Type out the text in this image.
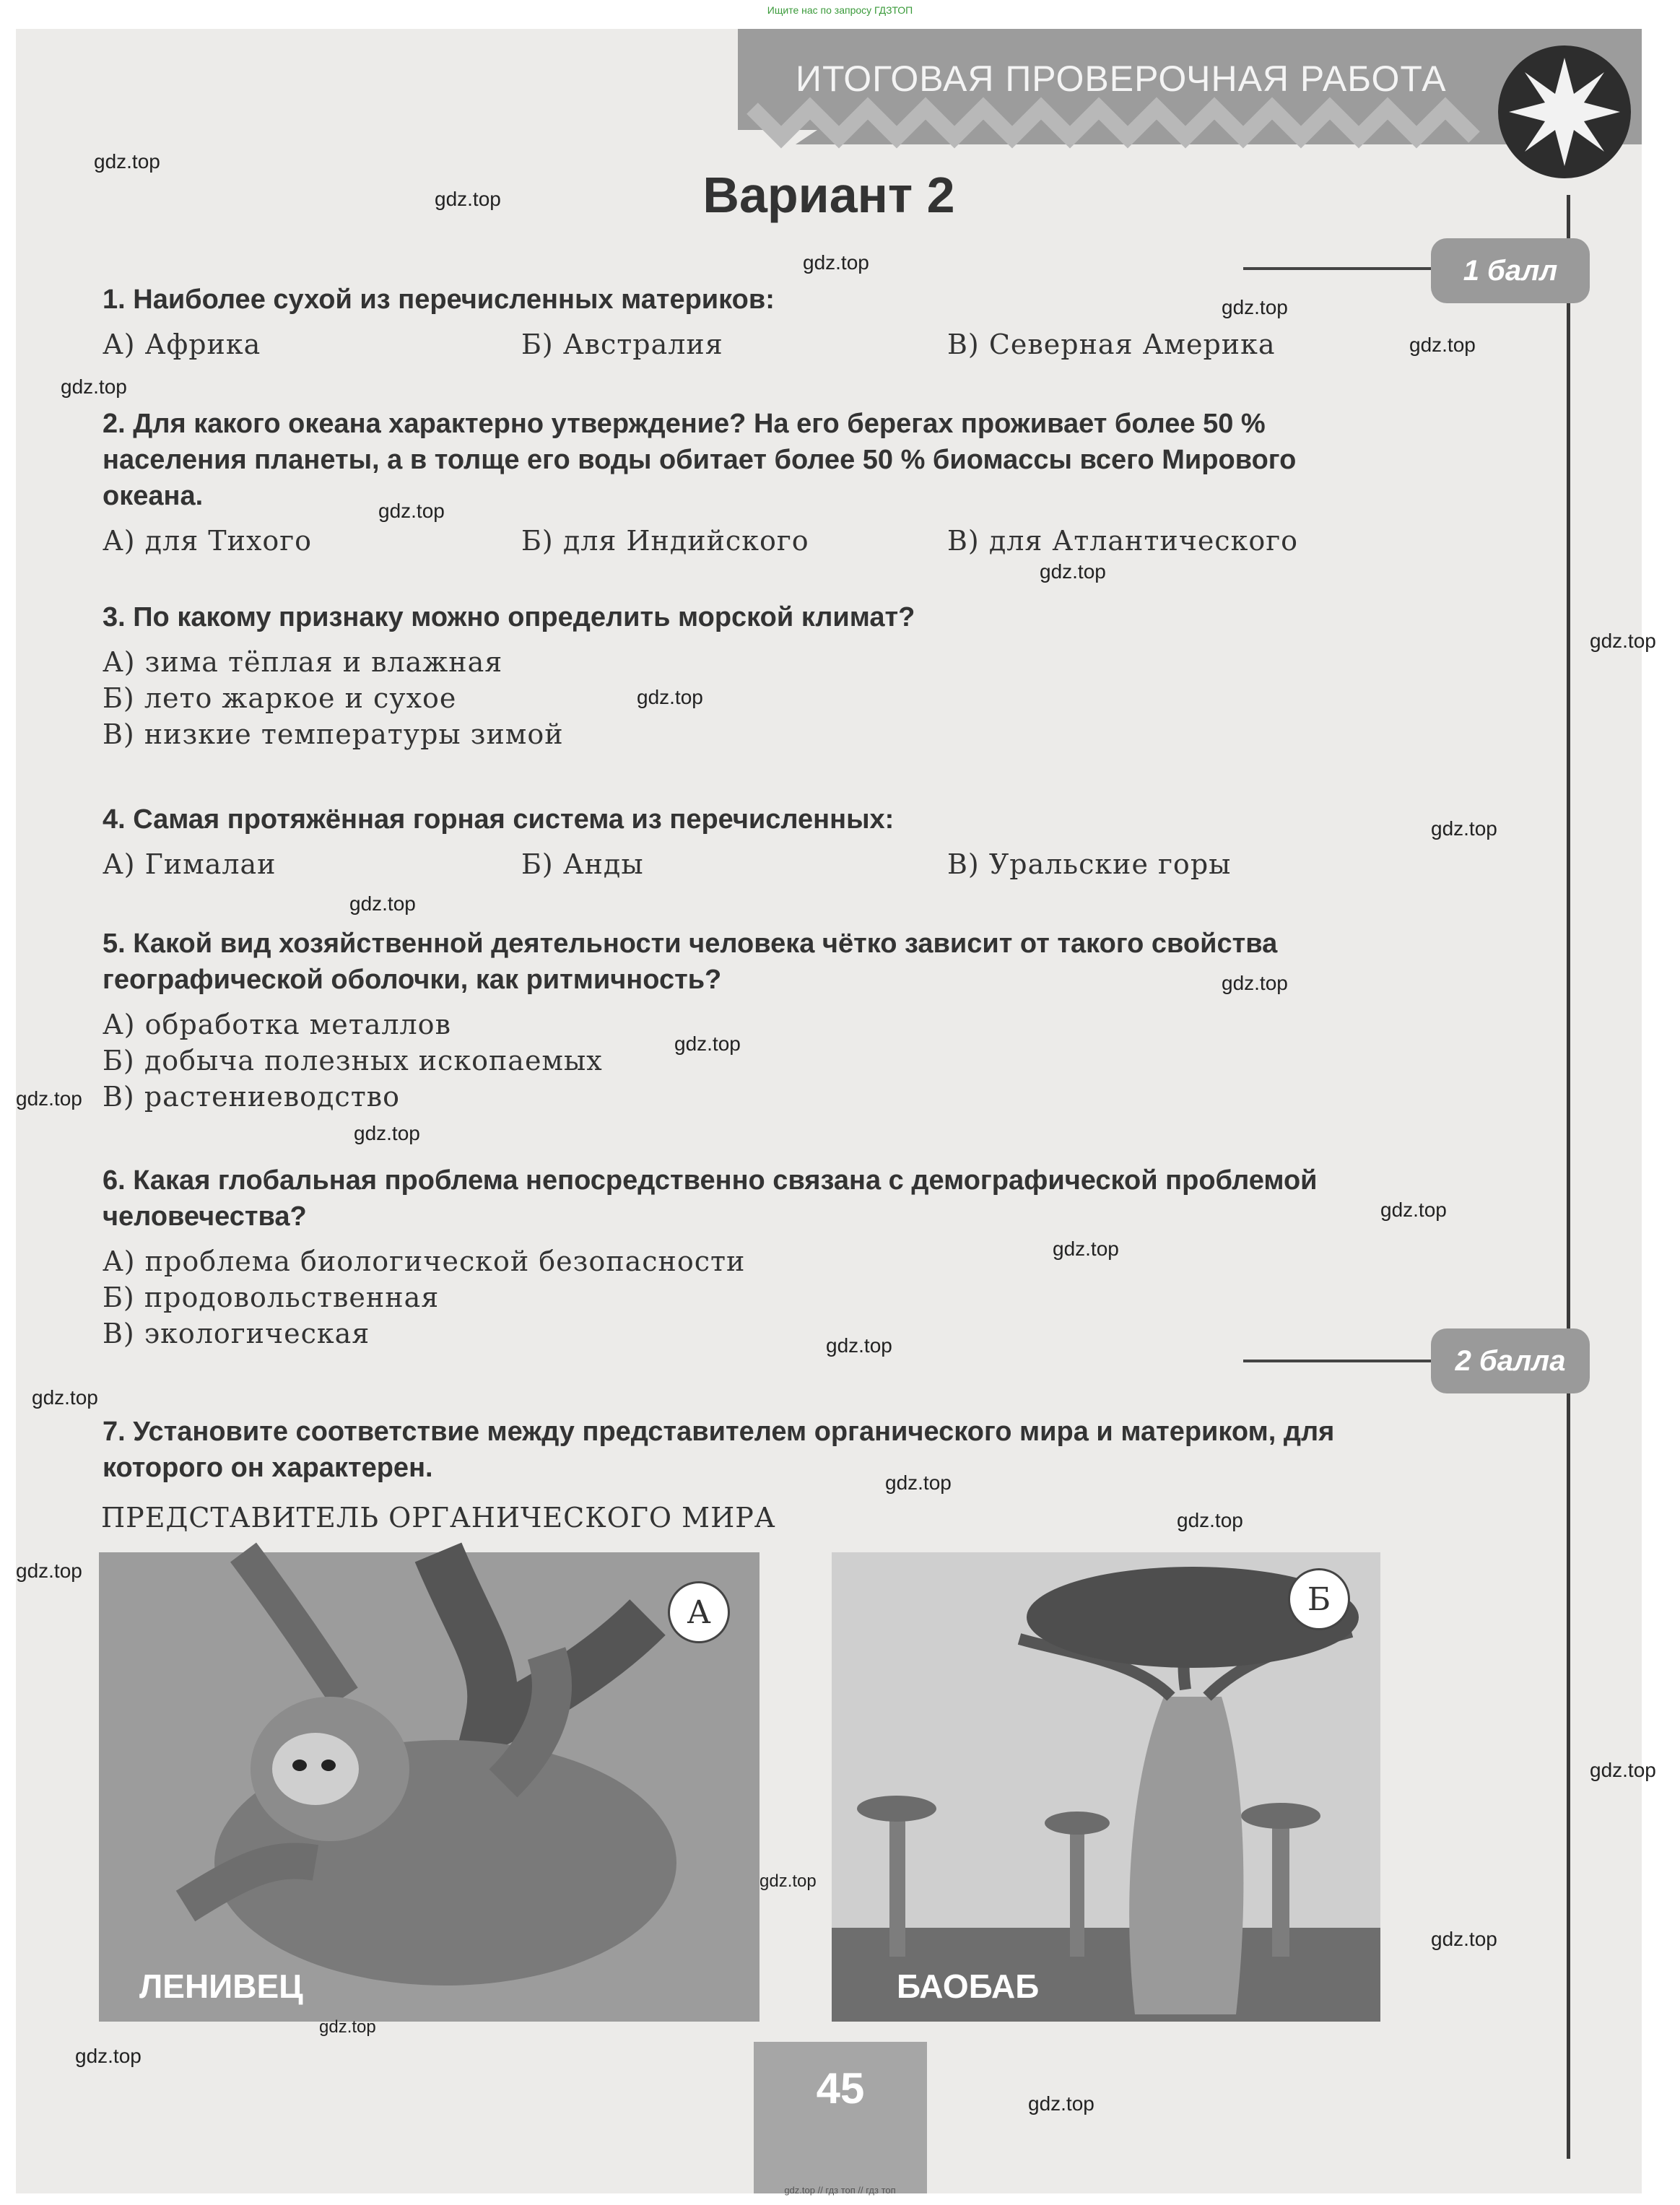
Ищите нас по запросу ГДЗТОП
ИТОГОВАЯ ПРОВЕРОЧНАЯ РАБОТА
1 балл
2 балла
Вариант 2
1. Наиболее сухой из перечисленных материков:
А) Африка	Б) Австралия	В) Северная Америка
2. Для какого океана характерно утверждение? На его берегах проживает более 50 % населения планеты, а в толще его воды обитает более 50 % биомассы всего Мирового океана.
А) для Тихого	Б) для Индийского	В) для Атлантического
3. По какому признаку можно определить морской климат?
А) зима тёплая и влажная
Б) лето жаркое и сухое
В) низкие температуры зимой
4. Самая протяжённая горная система из перечисленных:
А) Гималаи	Б) Анды	В) Уральские горы
5. Какой вид хозяйственной деятельности человека чётко зависит от такого свойства географической оболочки, как ритмичность?
А) обработка металлов
Б) добыча полезных ископаемых
В) растениеводство
6. Какая глобальная проблема непосредственно связана с демографической проблемой человечества?
А) проблема биологической безопасности
Б) продовольственная
В) экологическая
7. Установите соответствие между представителем органического мира и материком, для которого он характерен.
ПРЕДСТАВИТЕЛЬ ОРГАНИЧЕСКОГО МИРА
А
ЛЕНИВЕЦ
Б
БАОБАБ
45
gdz.top
gdz.top
gdz.top
gdz.top
gdz.top
gdz.top
gdz.top
gdz.top
gdz.top
gdz.top
gdz.top
gdz.top
gdz.top
gdz.top
gdz.top
gdz.top
gdz.top
gdz.top
gdz.top
gdz.top
gdz.top
gdz.top
gdz.top
gdz.top
gdz.top
gdz.top
gdz.top
gdz.top
gdz.top
gdz.top // гдз топ // гдз топ
